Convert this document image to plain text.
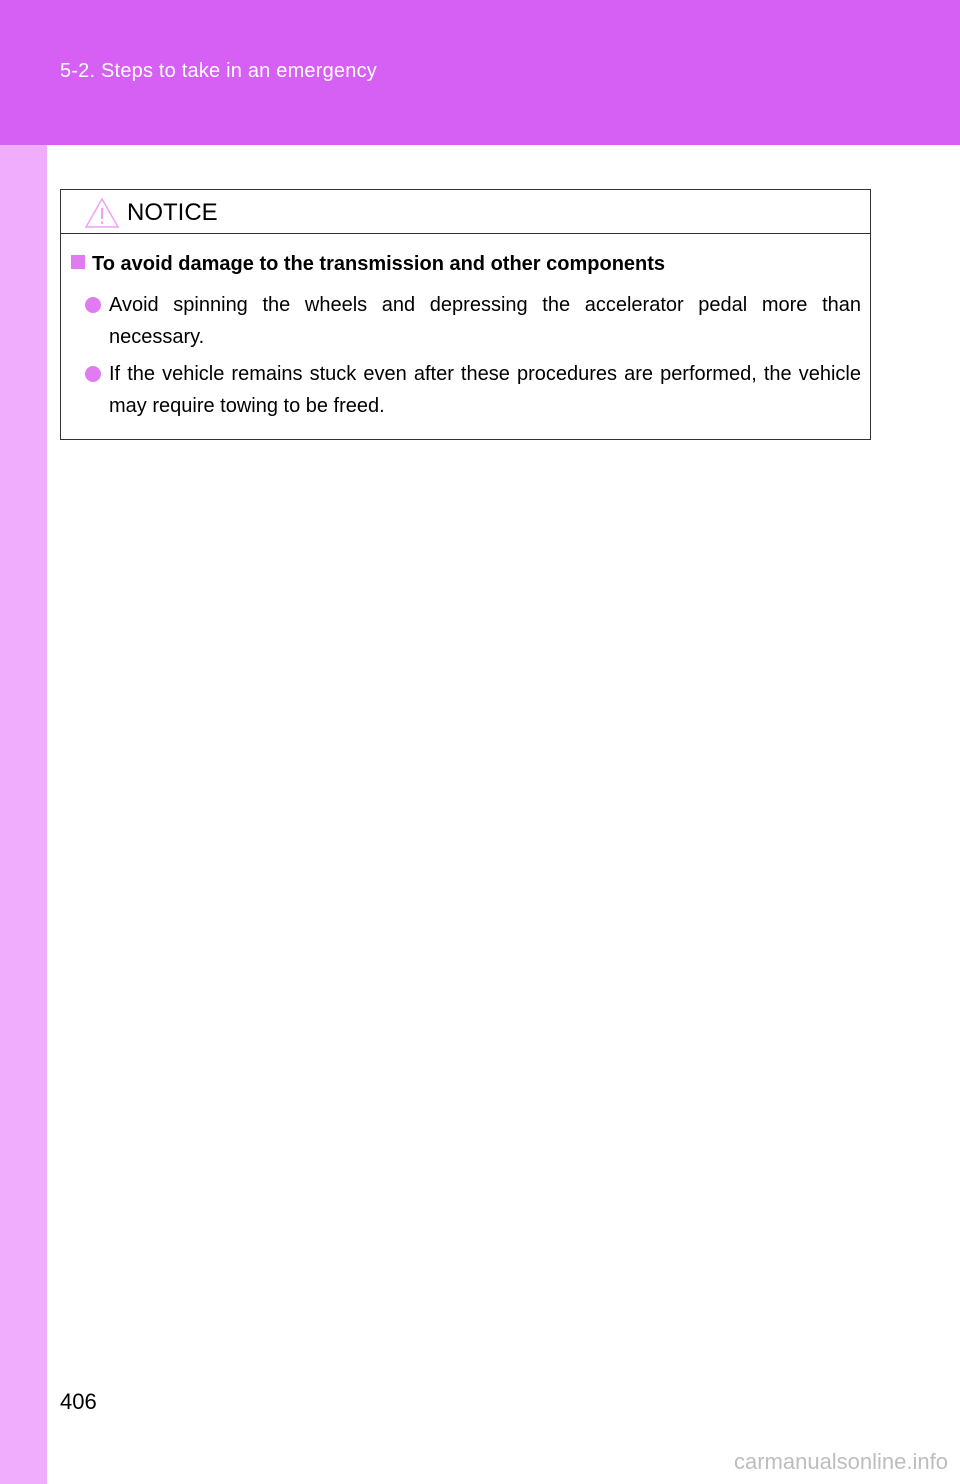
5-2. Steps to take in an emergency
NOTICE
To avoid damage to the transmission and other components
Avoid spinning the wheels and depressing the accelerator pedal more than necessary.
If the vehicle remains stuck even after these procedures are performed, the vehicle may require towing to be freed.
406
carmanualsonline.info
